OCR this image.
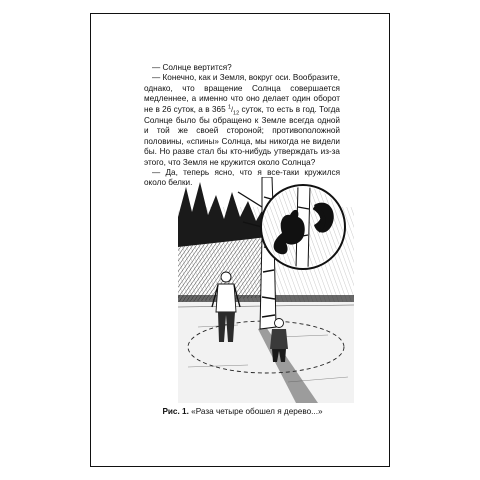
— Солнце вертится?

— Конечно, как и Земля, вокруг оси. Вообразите, однако, что вращение Солнца совершается медленнее, а именно что оно делает один оборот не в 26 суток, а в 365 $^1/_{12}$ суток, то есть в год. Тогда Солнце было бы обращено к Земле всегда одной и той же своей стороной; противоположной половины, «спины» Солнца, мы никогда не видели бы. Но разве стал бы кто-нибудь утверждать из-за этого, что Земля не кружится около Солнца?

— Да, теперь ясно, что я все-таки кружился около белки.

Рис. 1. «Раза четыре обошел я дерево...»
